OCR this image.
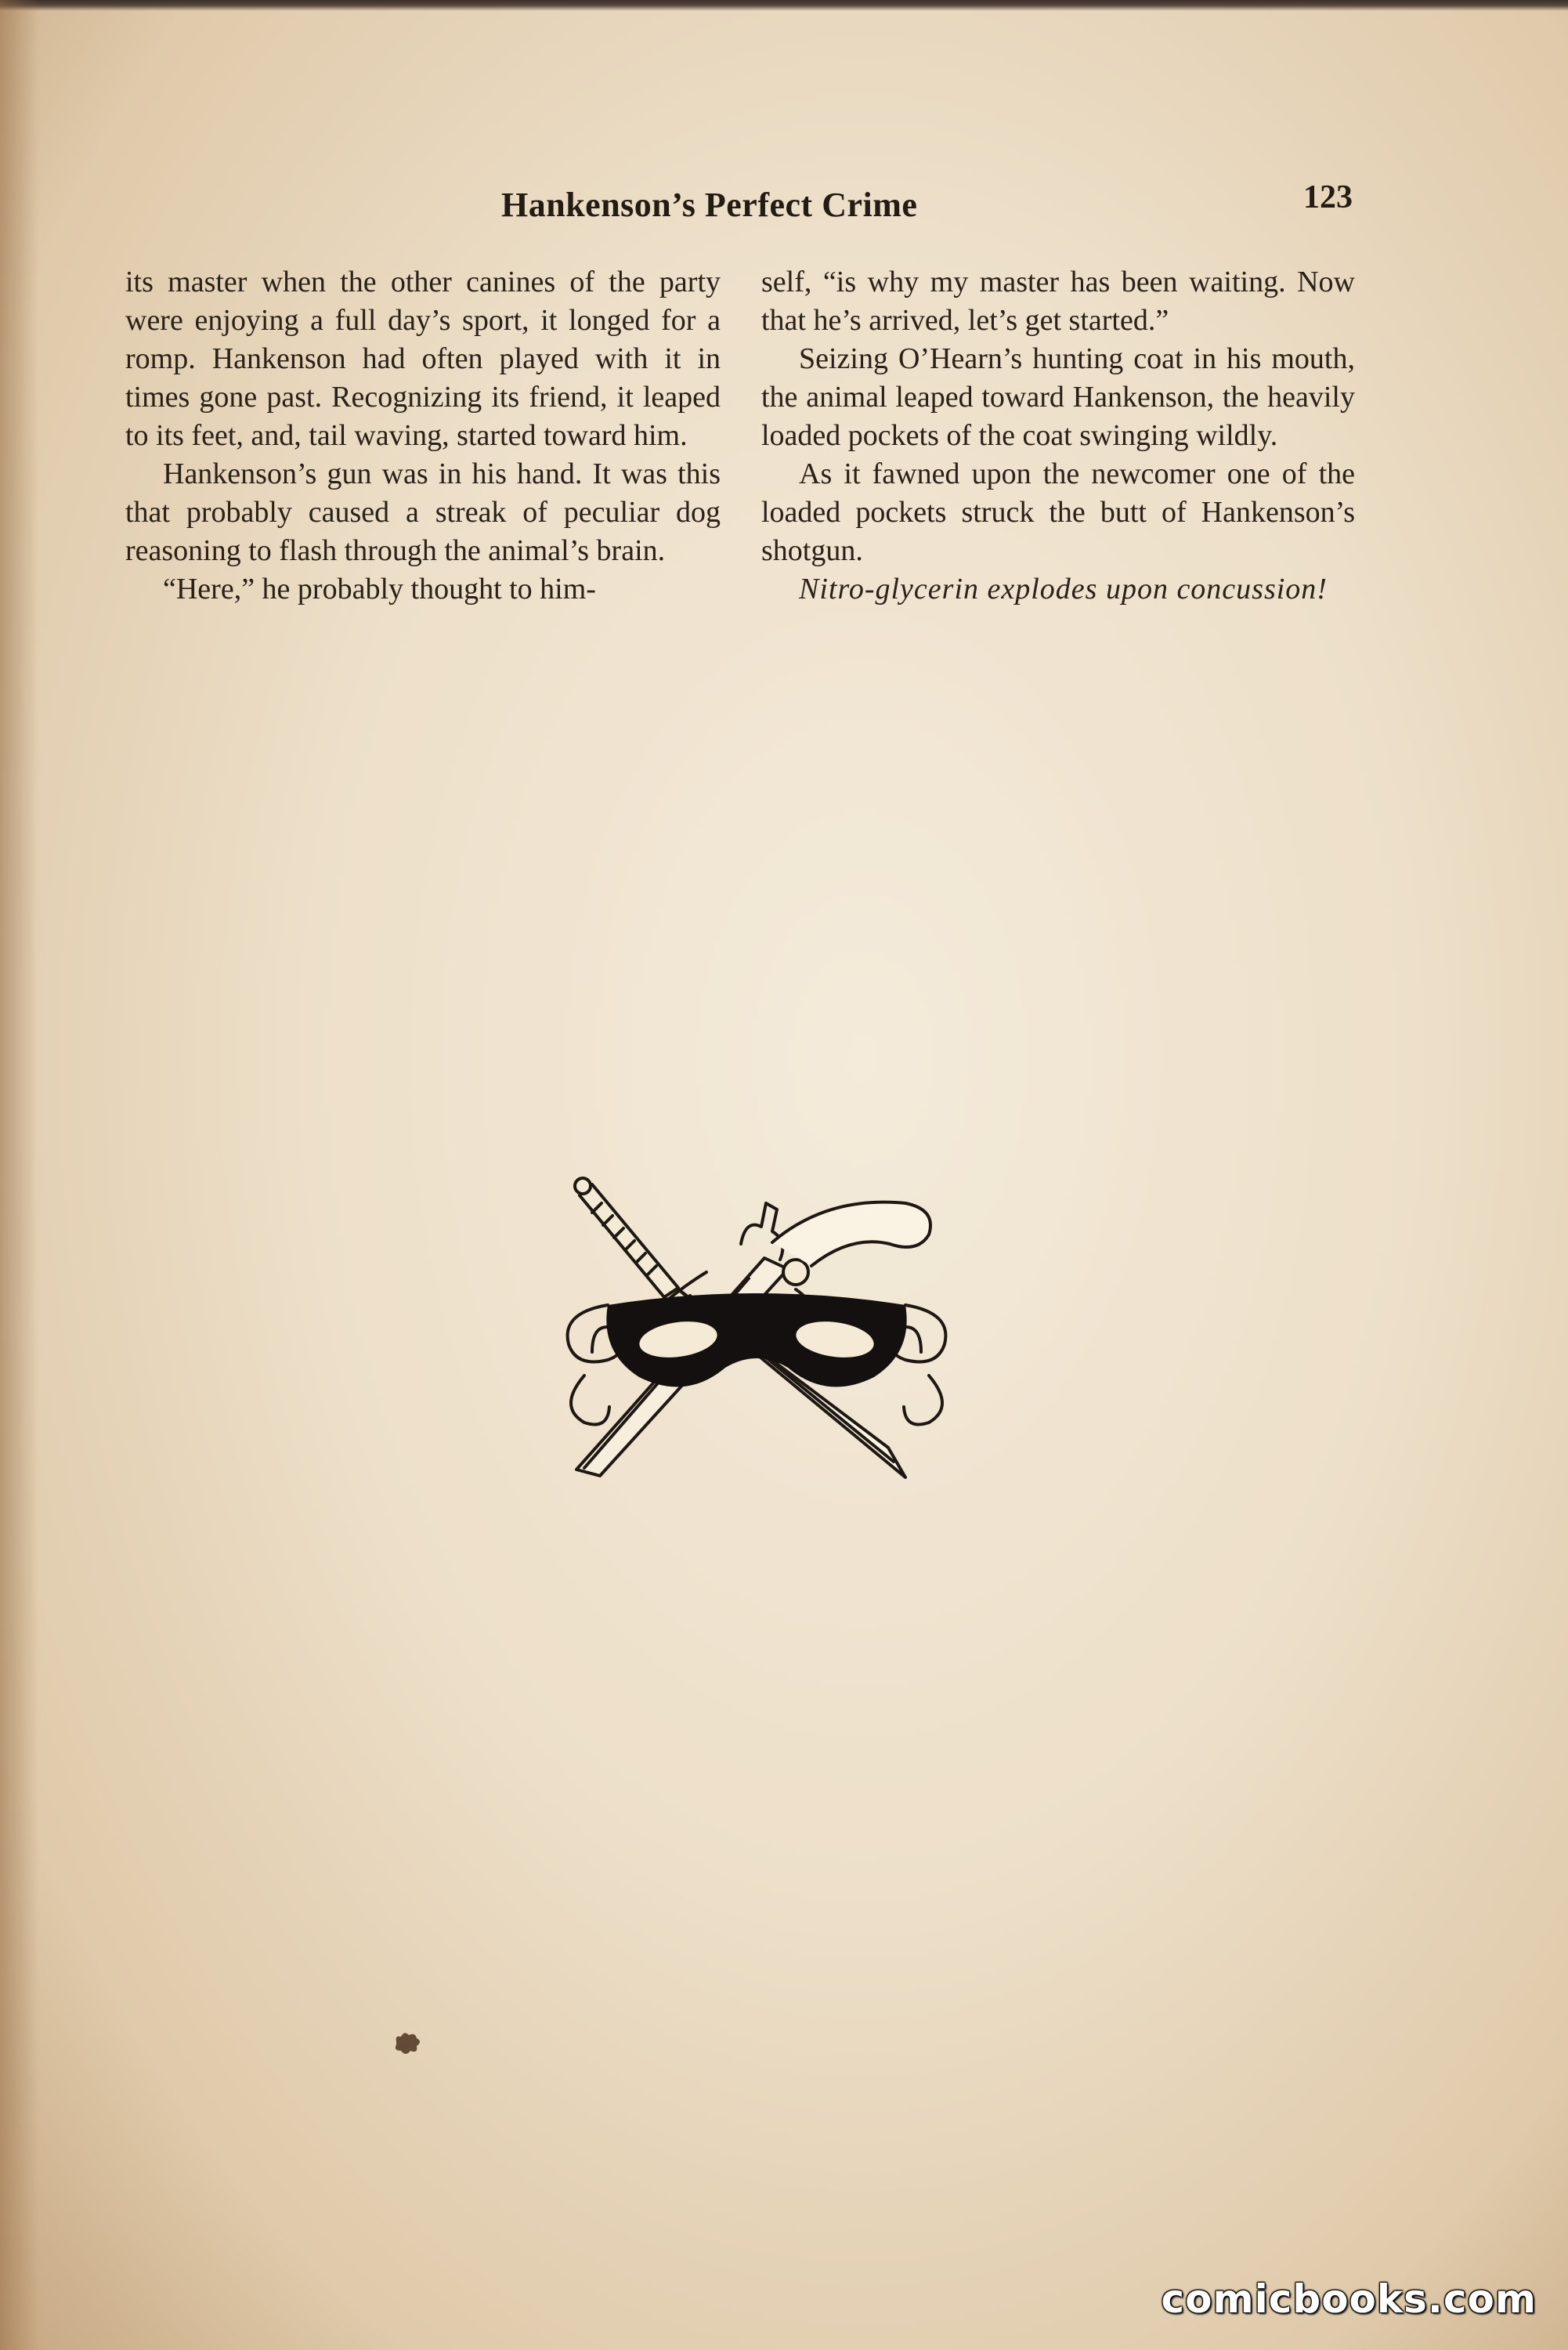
Hankenson’s Perfect Crime	123

its master when the other canines of the party were enjoying a full day’s sport, it longed for a romp. Hankenson had often played with it in times gone past. Recognizing its friend, it leaped to its feet, and, tail waving, started toward him.

Hankenson’s gun was in his hand. It was this that probably caused a streak of peculiar dog reasoning to flash through the animal’s brain.

“Here,” he probably thought to him-

self, “is why my master has been waiting. Now that he’s arrived, let’s get started.”

Seizing O’Hearn’s hunting coat in his mouth, the animal leaped toward Hankenson, the heavily loaded pockets of the coat swinging wildly.

As it fawned upon the newcomer one of the loaded pockets struck the butt of Hankenson’s shotgun.

Nitro-glycerin explodes upon concussion!

comicbooks.com
